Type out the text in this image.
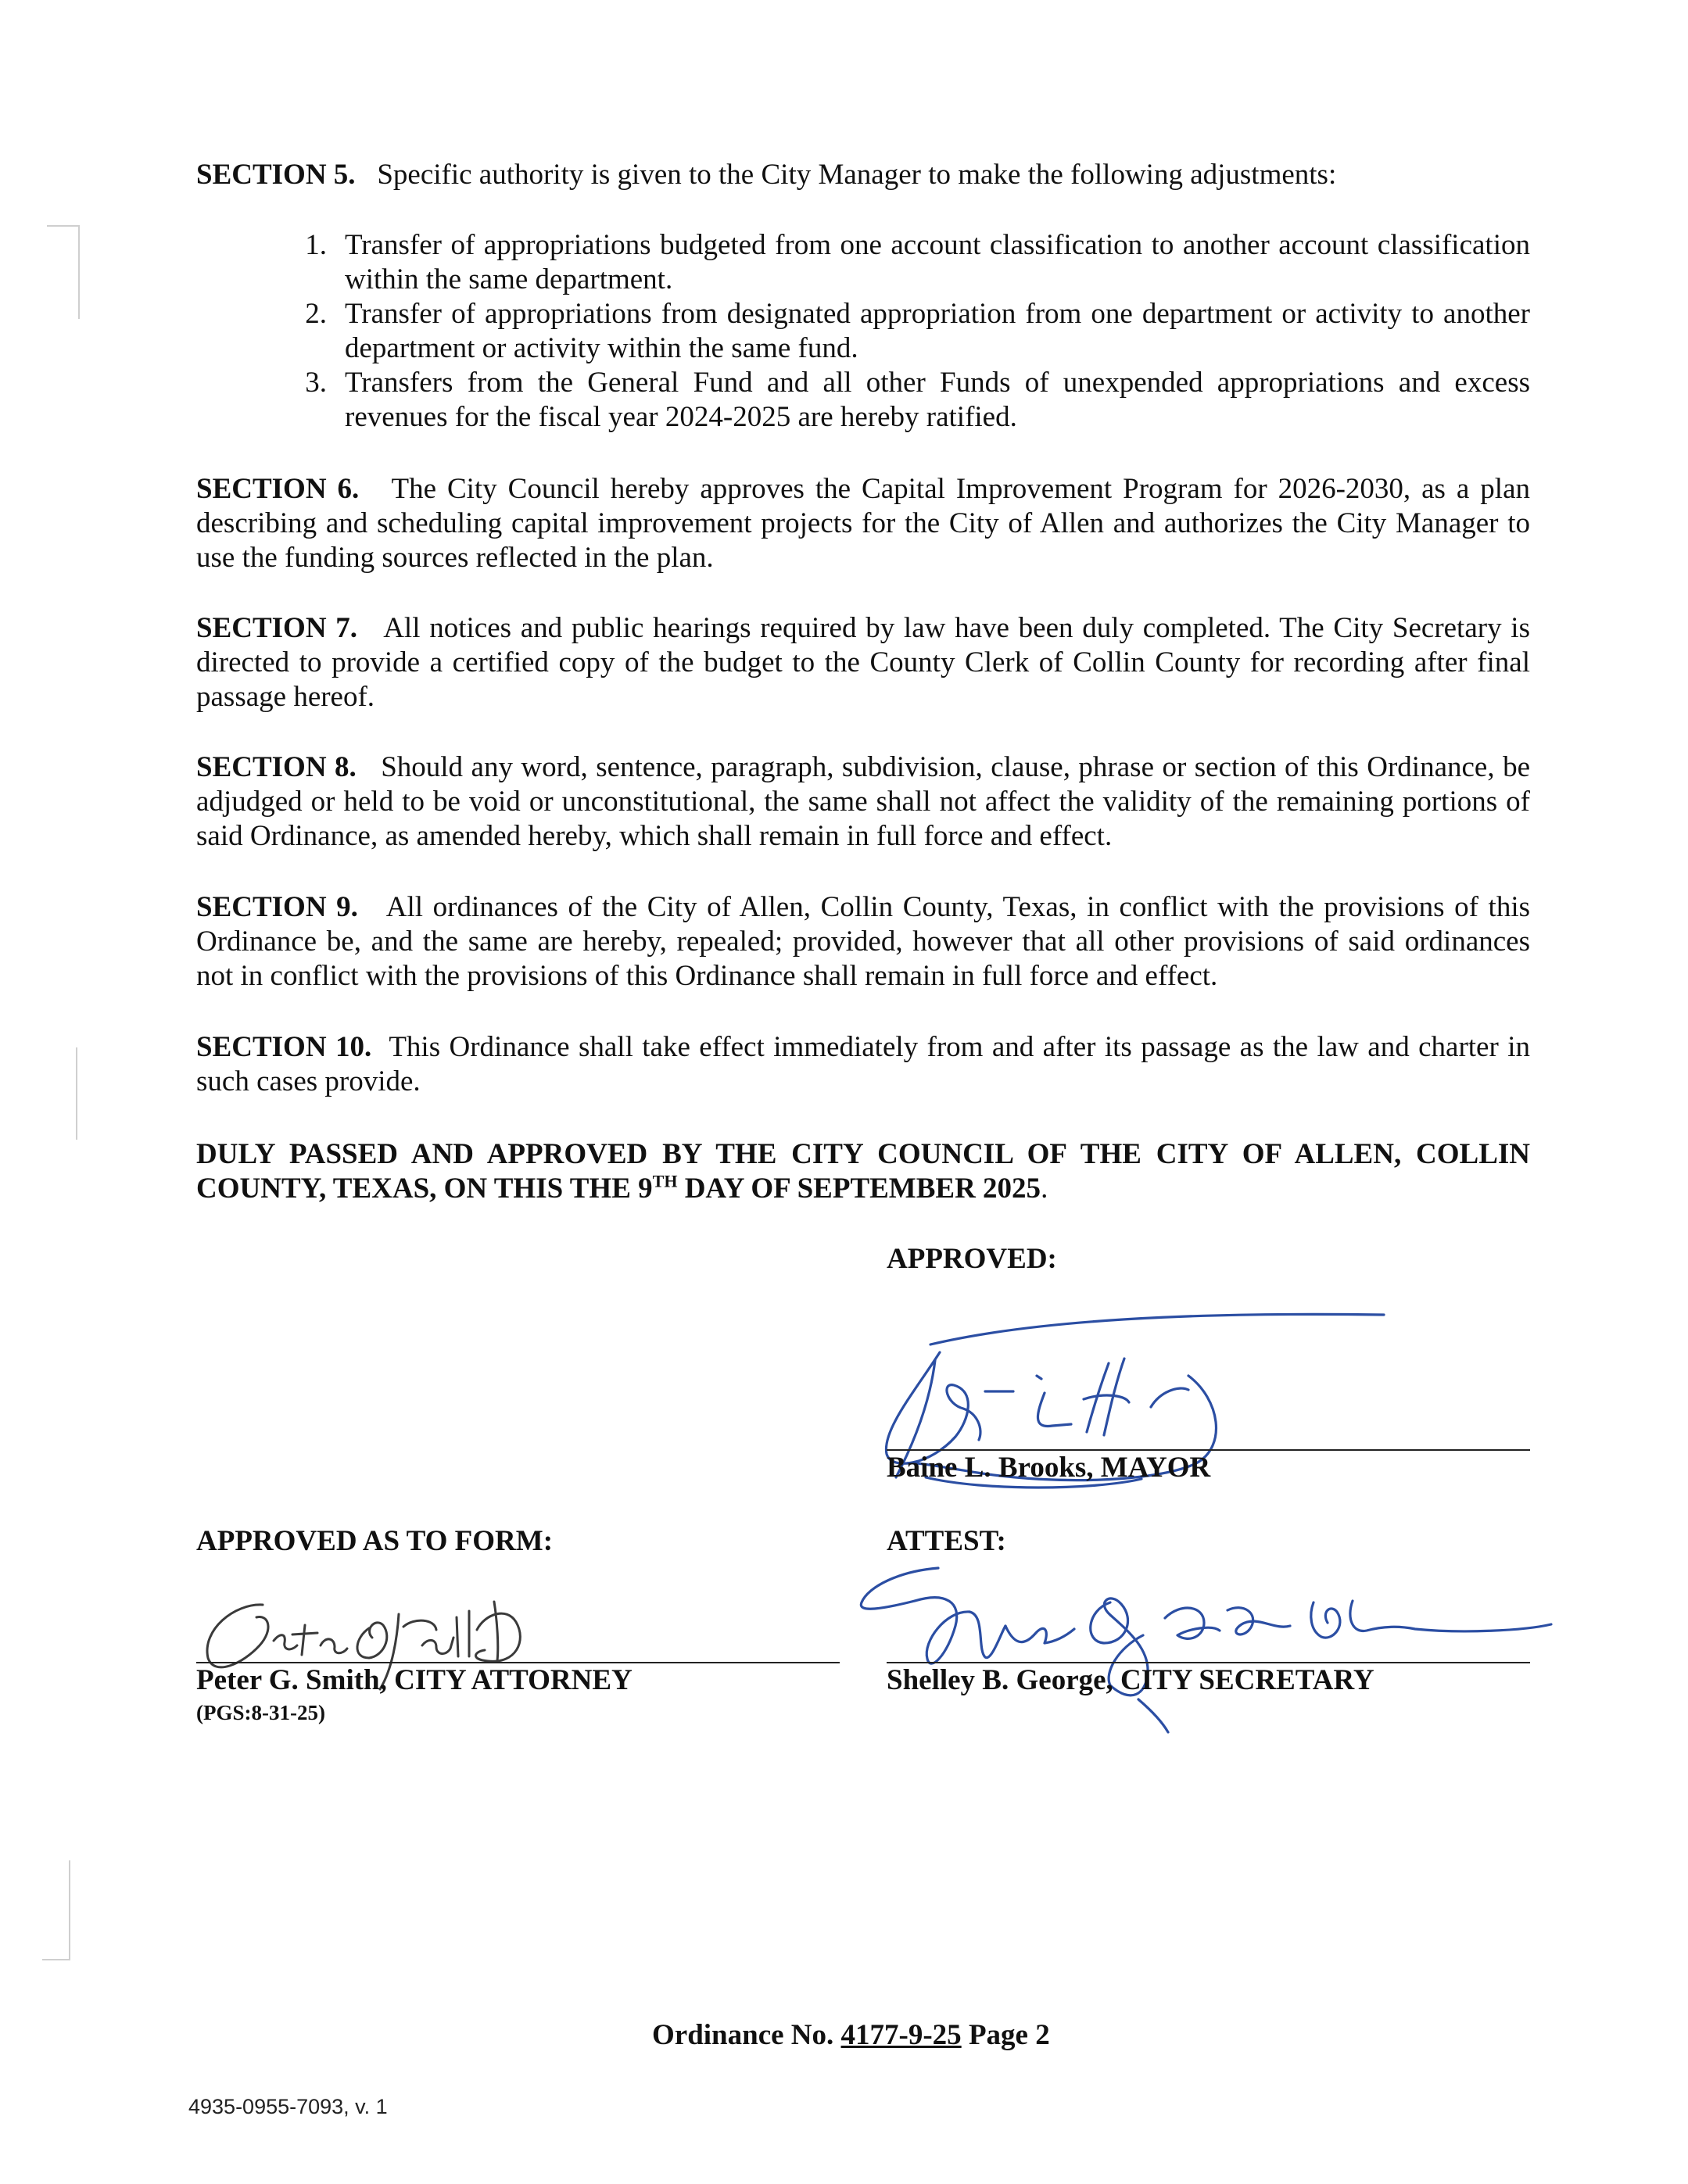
SECTION 5. Specific authority is given to the City Manager to make the following adjustments:
1. Transfer of appropriations budgeted from one account classification to another account classification within the same department.
2. Transfer of appropriations from designated appropriation from one department or activity to another department or activity within the same fund.
3. Transfers from the General Fund and all other Funds of unexpended appropriations and excess revenues for the fiscal year 2024-2025 are hereby ratified.
SECTION 6. The City Council hereby approves the Capital Improvement Program for 2026-2030, as a plan describing and scheduling capital improvement projects for the City of Allen and authorizes the City Manager to use the funding sources reflected in the plan.
SECTION 7. All notices and public hearings required by law have been duly completed. The City Secretary is directed to provide a certified copy of the budget to the County Clerk of Collin County for recording after final passage hereof.
SECTION 8. Should any word, sentence, paragraph, subdivision, clause, phrase or section of this Ordinance, be adjudged or held to be void or unconstitutional, the same shall not affect the validity of the remaining portions of said Ordinance, as amended hereby, which shall remain in full force and effect.
SECTION 9. All ordinances of the City of Allen, Collin County, Texas, in conflict with the provisions of this Ordinance be, and the same are hereby, repealed; provided, however that all other provisions of said ordinances not in conflict with the provisions of this Ordinance shall remain in full force and effect.
SECTION 10. This Ordinance shall take effect immediately from and after its passage as the law and charter in such cases provide.
DULY PASSED AND APPROVED BY THE CITY COUNCIL OF THE CITY OF ALLEN, COLLIN COUNTY, TEXAS, ON THIS THE 9TH DAY OF SEPTEMBER 2025.
APPROVED:
Baine L. Brooks, MAYOR
APPROVED AS TO FORM:
Peter G. Smith, CITY ATTORNEY
(PGS:8-31-25)
ATTEST:
Shelley B. George, CITY SECRETARY
Ordinance No. 4177-9-25 Page 2
4935-0955-7093, v. 1
